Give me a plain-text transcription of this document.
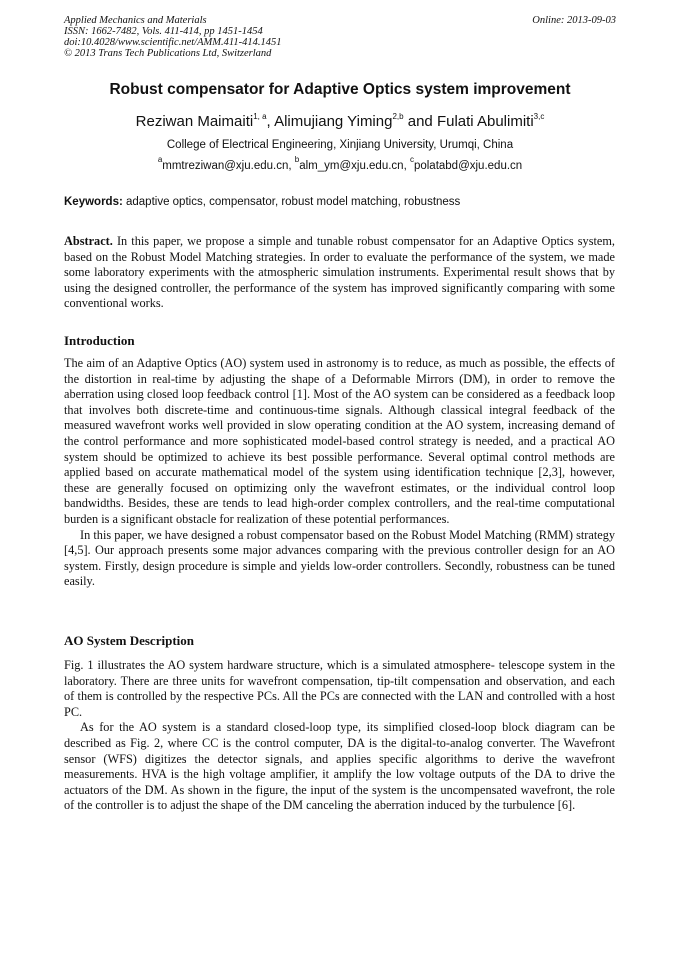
Applied Mechanics and Materials
ISSN: 1662-7482, Vols. 411-414, pp 1451-1454
doi:10.4028/www.scientific.net/AMM.411-414.1451
© 2013 Trans Tech Publications Ltd, Switzerland
Online: 2013-09-03
Robust compensator for Adaptive Optics system improvement
Reziwan Maimaiti$^{1, a}$, Alimujiang Yiming$^{2,b}$ and Fulati Abulimiti$^{3,c}$
College of Electrical Engineering, Xinjiang University, Urumqi, China
$^a$mmtreziwan@xju.edu.cn, $^b$alm_ym@xju.edu.cn, $^c$polatabd@xju.edu.cn
Keywords: adaptive optics, compensator, robust model matching, robustness

Abstract. In this paper, we propose a simple and tunable robust compensator for an Adaptive Optics system, based on the Robust Model Matching strategies. In order to evaluate the performance of the system, we made some laboratory experiments with the atmospheric simulation instruments. Experimental result shows that by using the designed controller, the performance of the system has improved significantly comparing with some conventional works.

Introduction

The aim of an Adaptive Optics (AO) system used in astronomy is to reduce, as much as possible, the effects of the distortion in real-time by adjusting the shape of a Deformable Mirrors (DM), in order to remove the aberration using closed loop feedback control [1]. Most of the AO system can be considered as a feedback loop that involves both discrete-time and continuous-time signals. Although classical integral feedback of the measured wavefront works well provided in slow operating condition at the AO system, increasing demand of the control performance and more sophisticated model-based control strategy is needed, and a practical AO system should be optimized to achieve its best possible performance. Several optimal control methods are applied based on accurate mathematical model of the system using identification technique [2,3], however, these are generally focused on optimizing only the wavefront estimates, or the individual control loop bandwidths. Besides, these are tends to lead high-order complex controllers, and the real-time computational burden is a significant obstacle for realization of these potential performances.

In this paper, we have designed a robust compensator based on the Robust Model Matching (RMM) strategy [4,5]. Our approach presents some major advances comparing with the previous controller design for an AO system. Firstly, design procedure is simple and yields low-order controllers. Secondly, robustness can be tuned easily.

AO System Description

Fig. 1 illustrates the AO system hardware structure, which is a simulated atmosphere- telescope system in the laboratory. There are three units for wavefront compensation, tip-tilt compensation and observation, and each of them is controlled by the respective PCs. All the PCs are connected with the LAN and controlled with a host PC.

As for the AO system is a standard closed-loop type, its simplified closed-loop block diagram can be described as Fig. 2, where CC is the control computer, DA is the digital-to-analog converter. The Wavefront sensor (WFS) digitizes the detector signals, and applies specific algorithms to derive the wavefront measurements. HVA is the high voltage amplifier, it amplify the low voltage outputs of the DA to drive the actuators of the DM. As shown in the figure, the input of the system is the uncompensated wavefront, the role of the controller is to adjust the shape of the DM canceling the aberration induced by the turbulence [6].
